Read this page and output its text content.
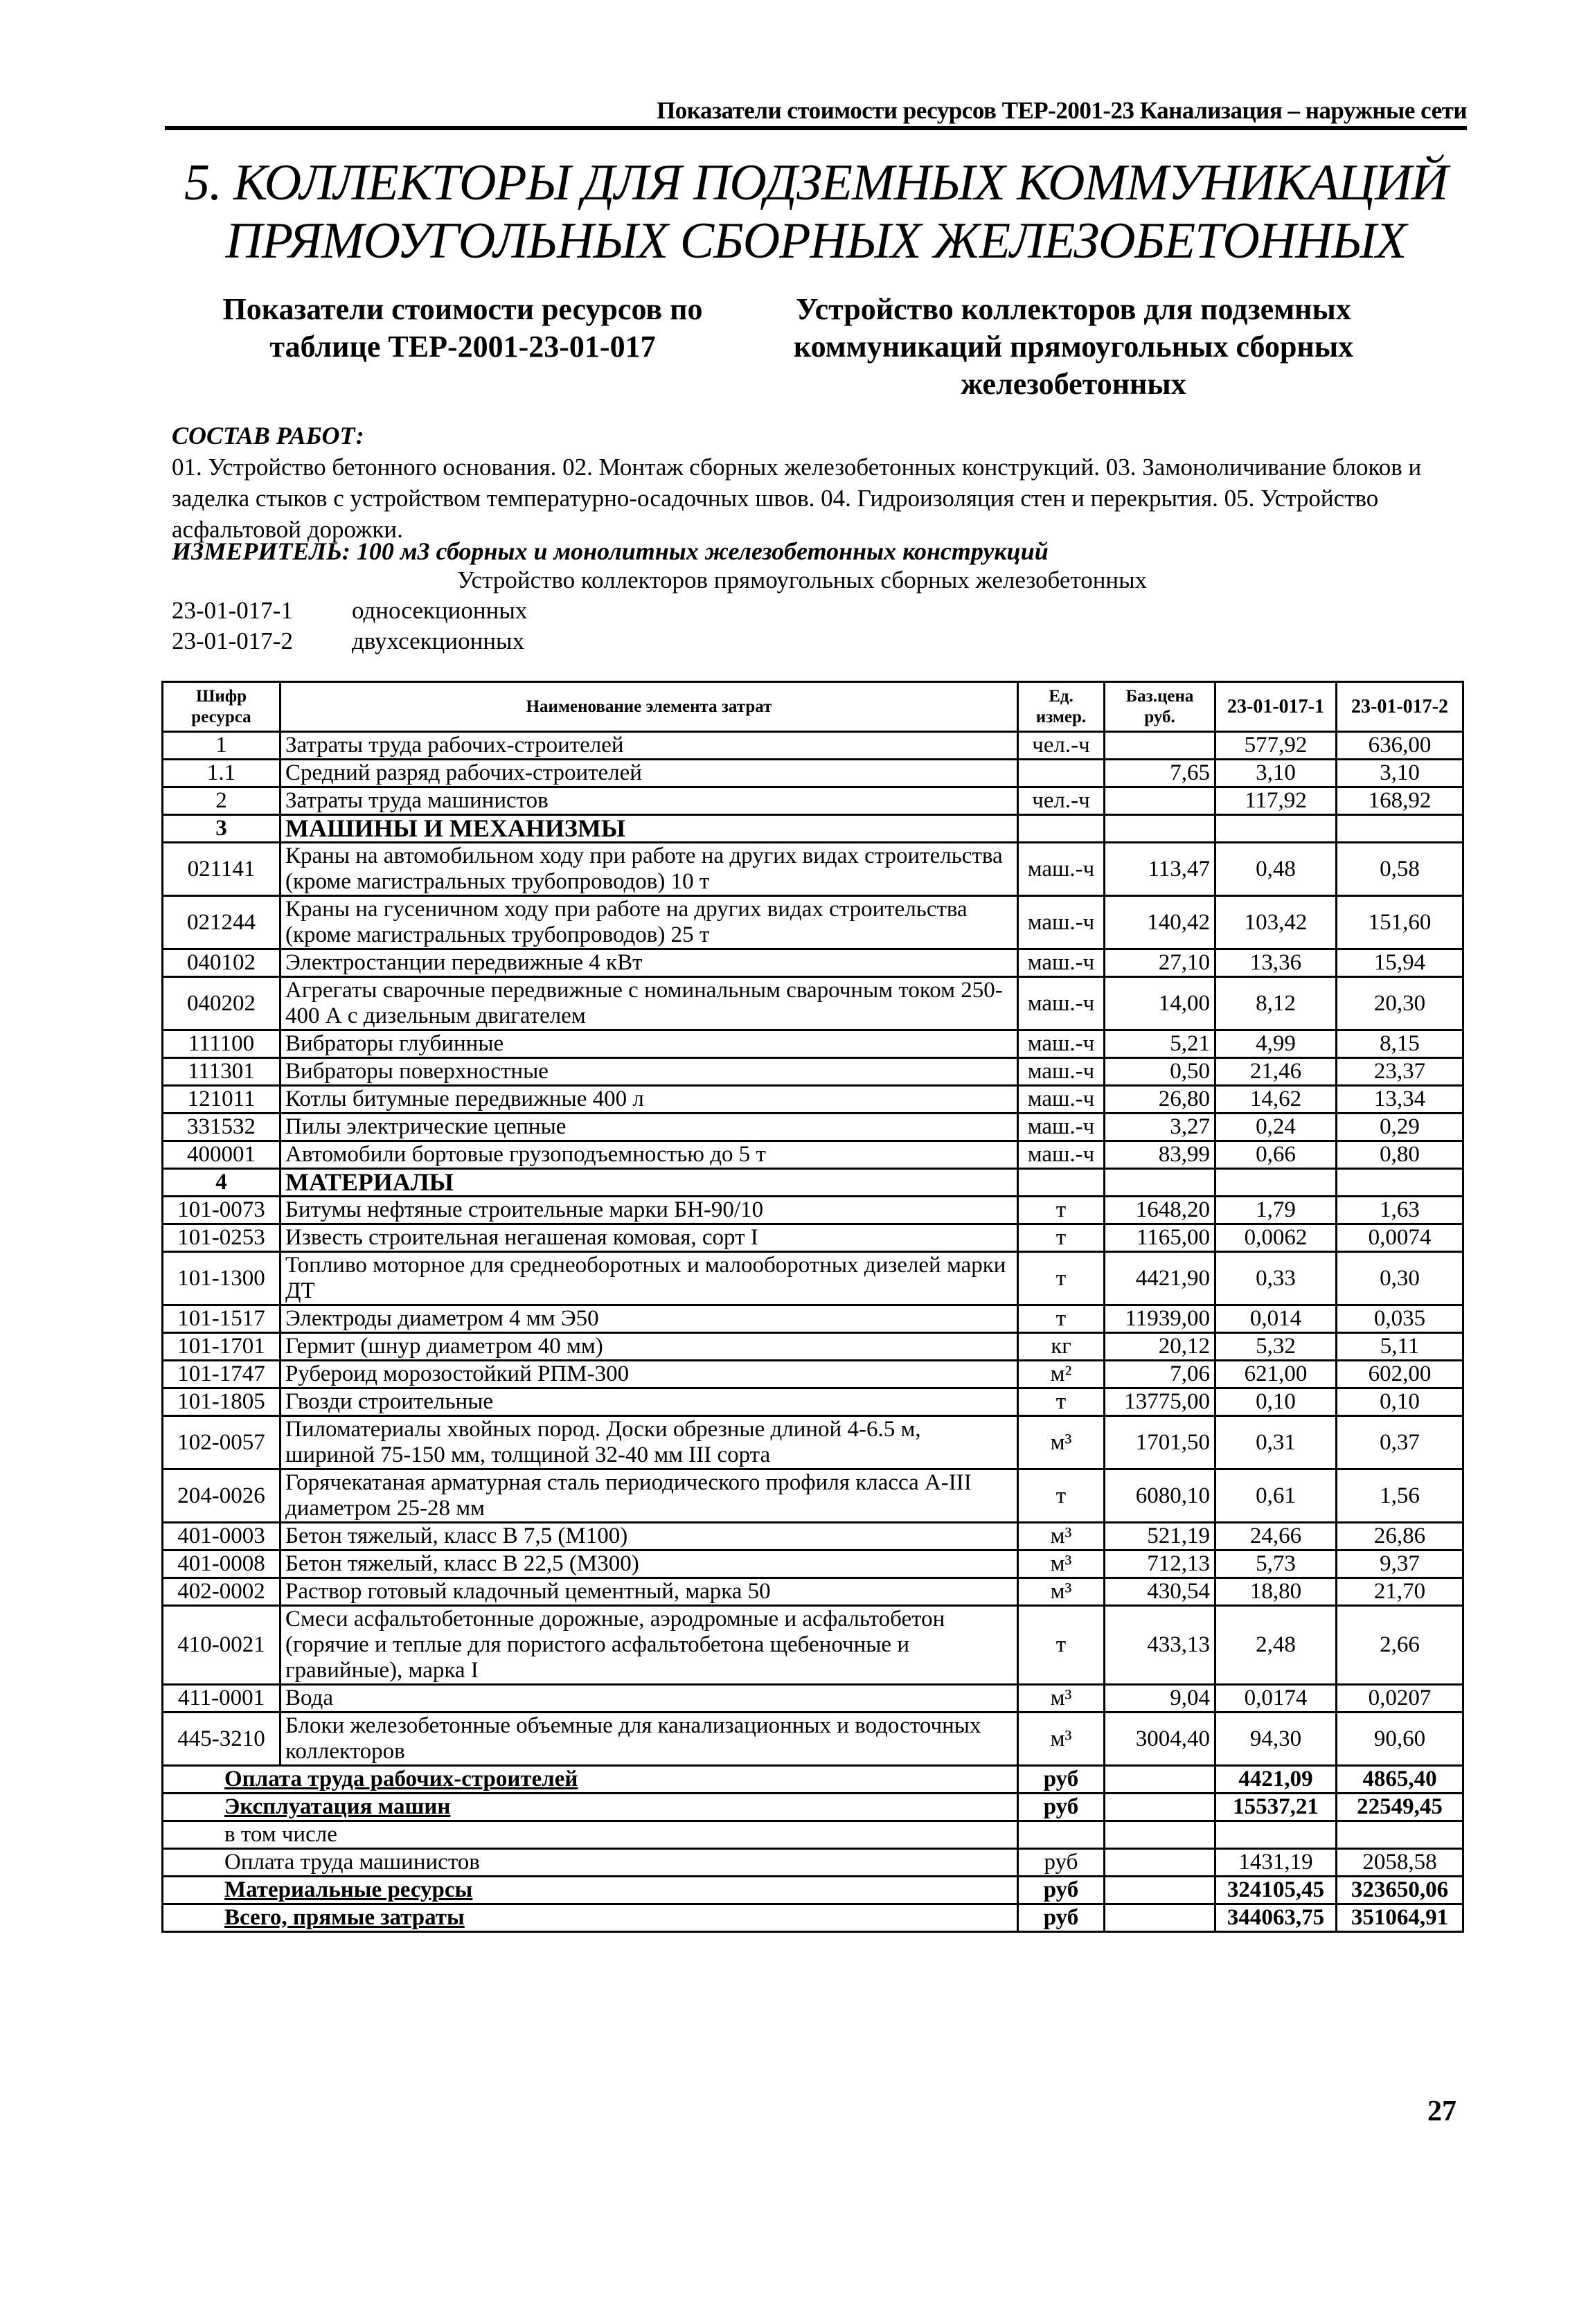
Показатели стоимости ресурсов ТЕР-2001-23 Канализация – наружные сети
5. КОЛЛЕКТОРЫ ДЛЯ ПОДЗЕМНЫХ КОММУНИКАЦИЙ
ПРЯМОУГОЛЬНЫХ СБОРНЫХ ЖЕЛЕЗОБЕТОННЫХ
Показатели стоимости ресурсов по
таблице ТЕР-2001-23-01-017
Устройство коллекторов для подземных
коммуникаций прямоугольных сборных
железобетонных
СОСТАВ РАБОТ:
01. Устройство бетонного основания. 02. Монтаж сборных железобетонных конструкций. 03. Замоноличивание блоков и заделка стыков с устройством температурно-осадочных швов. 04. Гидроизоляция стен и перекрытия. 05. Устройство асфальтовой дорожки.
ИЗМЕРИТЕЛЬ: 100 м3 сборных и монолитных железобетонных конструкций
Устройство коллекторов прямоугольных сборных железобетонных
23-01-017-1 односекционных
23-01-017-2 двухсекционных
Шифр ресурса	Наименование элемента затрат	Ед. измер.	Баз.цена руб.	23-01-017-1	23-01-017-2
1	Затраты труда рабочих-строителей	чел.-ч		577,92	636,00
1.1	Средний разряд рабочих-строителей		7,65	3,10	3,10
2	Затраты труда машинистов	чел.-ч		117,92	168,92
3	МАШИНЫ И МЕХАНИЗМЫ				
021141	Краны на автомобильном ходу при работе на других видах строительства (кроме магистральных трубопроводов) 10 т	маш.-ч	113,47	0,48	0,58
021244	Краны на гусеничном ходу при работе на других видах строительства (кроме магистральных трубопроводов) 25 т	маш.-ч	140,42	103,42	151,60
040102	Электростанции передвижные 4 кВт	маш.-ч	27,10	13,36	15,94
040202	Агрегаты сварочные передвижные с номинальным сварочным током 250-400 А с дизельным двигателем	маш.-ч	14,00	8,12	20,30
111100	Вибраторы глубинные	маш.-ч	5,21	4,99	8,15
111301	Вибраторы поверхностные	маш.-ч	0,50	21,46	23,37
121011	Котлы битумные передвижные 400 л	маш.-ч	26,80	14,62	13,34
331532	Пилы электрические цепные	маш.-ч	3,27	0,24	0,29
400001	Автомобили бортовые грузоподъемностью до 5 т	маш.-ч	83,99	0,66	0,80
4	МАТЕРИАЛЫ				
101-0073	Битумы нефтяные строительные марки БН-90/10	т	1648,20	1,79	1,63
101-0253	Известь строительная негашеная комовая, сорт I	т	1165,00	0,0062	0,0074
101-1300	Топливо моторное для среднеоборотных и малооборотных дизелей марки ДТ	т	4421,90	0,33	0,30
101-1517	Электроды диаметром 4 мм Э50	т	11939,00	0,014	0,035
101-1701	Гермит (шнур диаметром 40 мм)	кг	20,12	5,32	5,11
101-1747	Рубероид морозостойкий РПМ-300	м²	7,06	621,00	602,00
101-1805	Гвозди строительные	т	13775,00	0,10	0,10
102-0057	Пиломатериалы хвойных пород. Доски обрезные длиной 4-6.5 м, шириной 75-150 мм, толщиной 32-40 мм III сорта	м³	1701,50	0,31	0,37
204-0026	Горячекатаная арматурная сталь периодического профиля класса А-III диаметром 25-28 мм	т	6080,10	0,61	1,56
401-0003	Бетон тяжелый, класс В 7,5 (М100)	м³	521,19	24,66	26,86
401-0008	Бетон тяжелый, класс В 22,5 (М300)	м³	712,13	5,73	9,37
402-0002	Раствор готовый кладочный цементный, марка 50	м³	430,54	18,80	21,70
410-0021	Смеси асфальтобетонные дорожные, аэродромные и асфальтобетон (горячие и теплые для пористого асфальтобетона щебеночные и гравийные), марка I	т	433,13	2,48	2,66
411-0001	Вода	м³	9,04	0,0174	0,0207
445-3210	Блоки железобетонные объемные для канализационных и водосточных коллекторов	м³	3004,40	94,30	90,60
Оплата труда рабочих-строителей		руб		4421,09	4865,40
Эксплуатация машин		руб		15537,21	22549,45
в том числе					
Оплата труда машинистов		руб		1431,19	2058,58
Материальные ресурсы		руб		324105,45	323650,06
Всего, прямые затраты		руб		344063,75	351064,91
27
